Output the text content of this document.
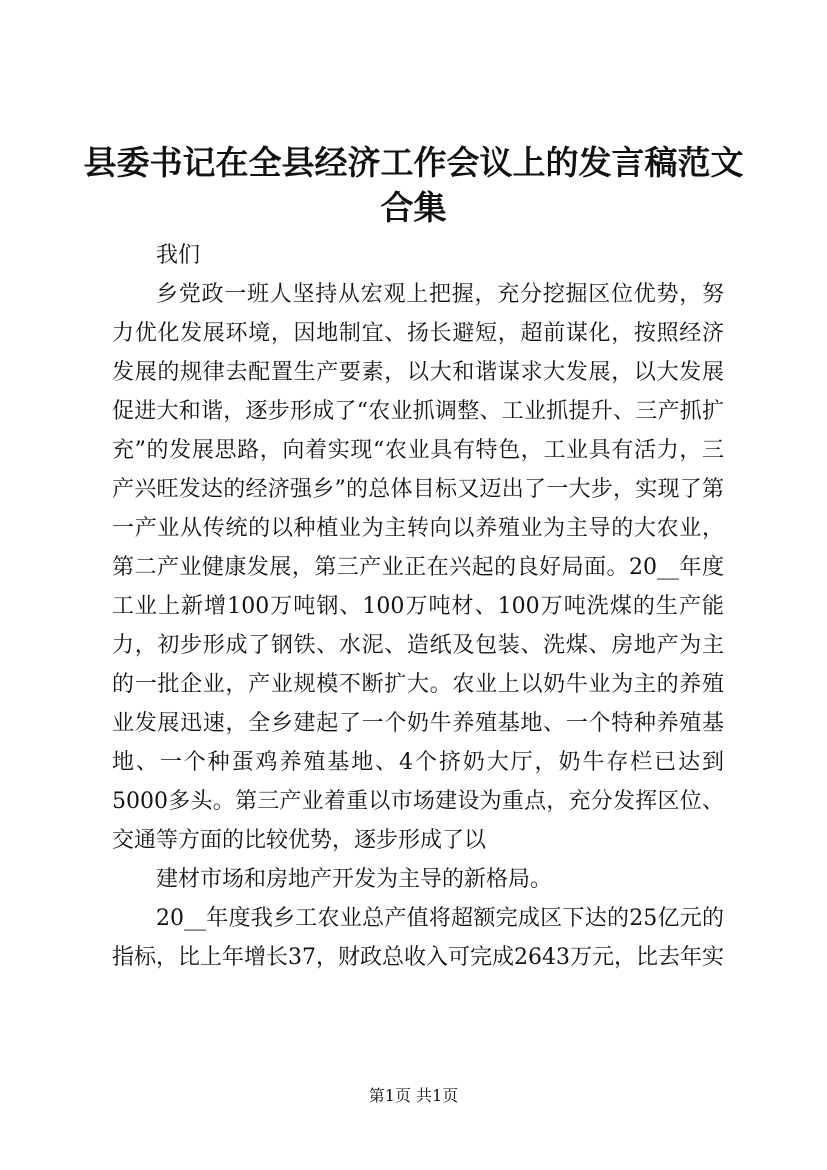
县委书记在全县经济工作会议上的发言稿范文合集

我们

乡党政一班人坚持从宏观上把握，充分挖掘区位优势，努力优化发展环境，因地制宜、扬长避短，超前谋化，按照经济发展的规律去配置生产要素，以大和谐谋求大发展，以大发展促进大和谐，逐步形成了“农业抓调整、工业抓提升、三产抓扩充”的发展思路，向着实现“农业具有特色，工业具有活力，三产兴旺发达的经济强乡”的总体目标又迈出了一大步，实现了第一产业从传统的以种植业为主转向以养殖业为主导的大农业，第二产业健康发展，第三产业正在兴起的良好局面。20__年度工业上新增100万吨钢、100万吨材、100万吨洗煤的生产能力，初步形成了钢铁、水泥、造纸及包装、洗煤、房地产为主的一批企业，产业规模不断扩大。农业上以奶牛业为主的养殖业发展迅速，全乡建起了一个奶牛养殖基地、一个特种养殖基地、一个种蛋鸡养殖基地、4个挤奶大厅，奶牛存栏已达到5000多头。第三产业着重以市场建设为重点，充分发挥区位、交通等方面的比较优势，逐步形成了以

建材市场和房地产开发为主导的新格局。

20__年度我乡工农业总产值将超额完成区下达的25亿元的指标，比上年增长37，财政总收入可完成2643万元，比去年实

第1页 共1页
